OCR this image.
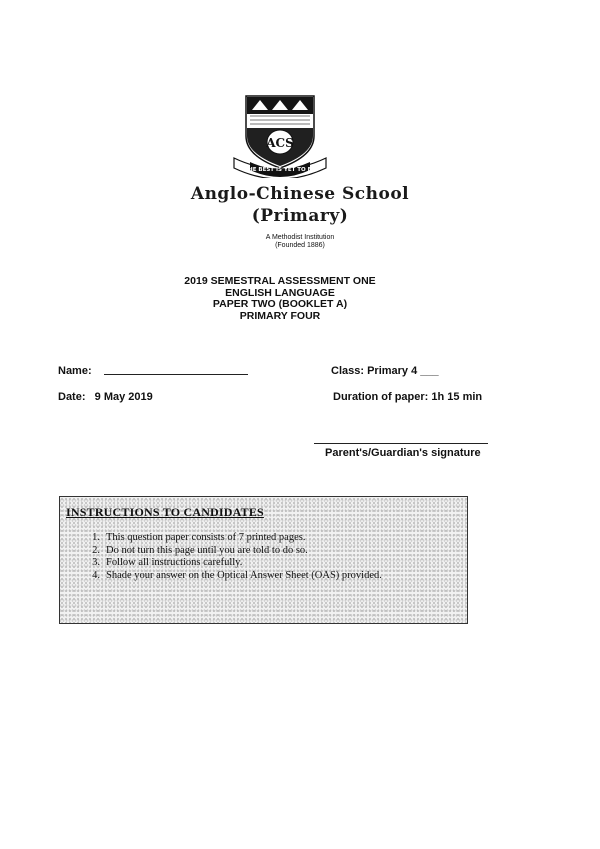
ACS
THE BEST IS YET TO BE
Anglo-Chinese School
(Primary)
A Methodist Institution
(Founded 1886)
2019 SEMESTRAL ASSESSMENT ONE
ENGLISH LANGUAGE
PAPER TWO (BOOKLET A)
PRIMARY FOUR
Name:	Class: Primary 4 ___
Date:   9 May 2019	Duration of paper: 1h 15 min
Parent's/Guardian's signature
INSTRUCTIONS TO CANDIDATES
1. This question paper consists of 7 printed pages.
2. Do not turn this page until you are told to do so.
3. Follow all instructions carefully.
4. Shade your answer on the Optical Answer Sheet (OAS) provided.
